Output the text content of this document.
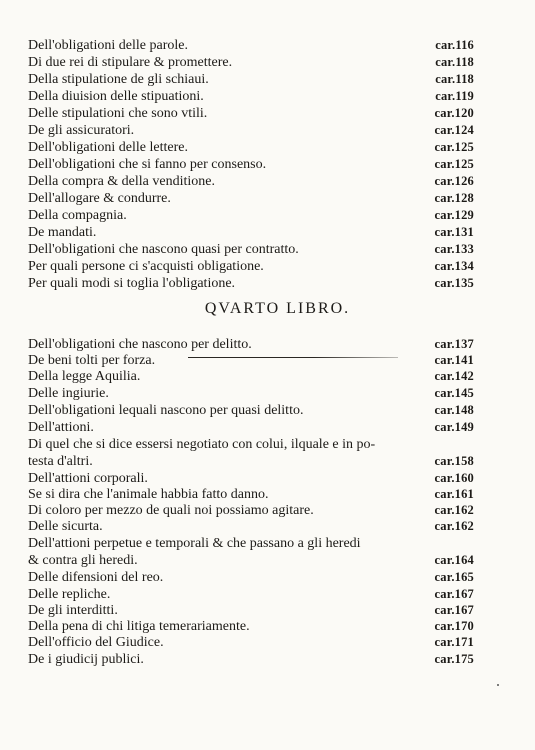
Dell'obligationi delle parole.	car.116
Di due rei di stipulare & promettere.	car.118
Della stipulatione de gli schiaui.	car.118
Della diuision delle stipuationi.	car.119
Delle stipulationi che sono vtili.	car.120
De gli assicuratori.	car.124
Dell'obligationi delle lettere.	car.125
Dell'obligationi che si fanno per consenso.	car.125
Della compra & della venditione.	car.126
Dell'allogare & condurre.	car.128
Della compagnia.	car.129
De mandati.	car.131
Dell'obligationi che nascono quasi per contratto.	car.133
Per quali persone ci s'acquisti obligatione.	car.134
Per quali modi si toglia l'obligatione.	car.135
QVARTO LIBRO.
Dell'obligationi che nascono per delitto.	car.137
De beni tolti per forza.	car.141
Della legge Aquilia.	car.142
Delle ingiurie.	car.145
Dell'obligationi lequali nascono per quasi delitto.	car.148
Dell'attioni.	car.149
Di quel che si dice essersi negotiato con colui, ilquale e in po-
testa d'altri.	car.158
Dell'attioni corporali.	car.160
Se si dira che l'animale habbia fatto danno.	car.161
Di coloro per mezzo de quali noi possiamo agitare.	car.162
Delle sicurta.	car.162
Dell'attioni perpetue e temporali & che passano a gli heredi
& contra gli heredi.	car.164
Delle difensioni del reo.	car.165
Delle repliche.	car.167
De gli interditti.	car.167
Della pena di chi litiga temerariamente.	car.170
Dell'officio del Giudice.	car.171
De i giudicij publici.	car.175
